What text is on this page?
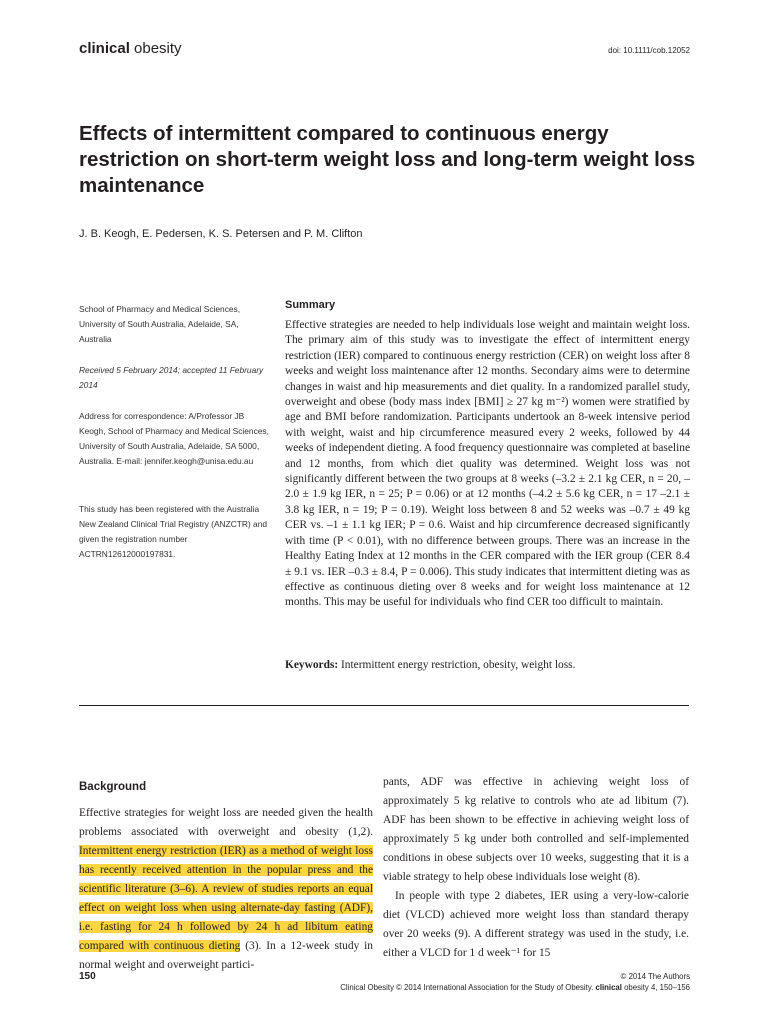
clinical obesity	doi: 10.1111/cob.12052
Effects of intermittent compared to continuous energy restriction on short-term weight loss and long-term weight loss maintenance
J. B. Keogh, E. Pedersen, K. S. Petersen and P. M. Clifton
School of Pharmacy and Medical Sciences, University of South Australia, Adelaide, SA, Australia
Received 5 February 2014; accepted 11 February 2014
Address for correspondence: A/Professor JB Keogh, School of Pharmacy and Medical Sciences, University of South Australia, Adelaide, SA 5000, Australia. E-mail: jennifer.keogh@unisa.edu.au
This study has been registered with the Australia New Zealand Clinical Trial Registry (ANZCTR) and given the registration number ACTRN12612000197831.
Summary

Effective strategies are needed to help individuals lose weight and maintain weight loss. The primary aim of this study was to investigate the effect of intermittent energy restriction (IER) compared to continuous energy restriction (CER) on weight loss after 8 weeks and weight loss maintenance after 12 months. Secondary aims were to determine changes in waist and hip measurements and diet quality. In a randomized parallel study, overweight and obese (body mass index [BMI] ≥ 27 kg m⁻²) women were stratified by age and BMI before randomization. Participants undertook an 8-week intensive period with weight, waist and hip circumference measured every 2 weeks, followed by 44 weeks of independent dieting. A food frequency questionnaire was completed at baseline and 12 months, from which diet quality was determined. Weight loss was not significantly different between the two groups at 8 weeks (–3.2 ± 2.1 kg CER, n = 20, –2.0 ± 1.9 kg IER, n = 25; P = 0.06) or at 12 months (–4.2 ± 5.6 kg CER, n = 17 –2.1 ± 3.8 kg IER, n = 19; P = 0.19). Weight loss between 8 and 52 weeks was –0.7 ± 49 kg CER vs. –1 ± 1.1 kg IER; P = 0.6. Waist and hip circumference decreased significantly with time (P < 0.01), with no difference between groups. There was an increase in the Healthy Eating Index at 12 months in the CER compared with the IER group (CER 8.4 ± 9.1 vs. IER –0.3 ± 8.4, P = 0.006). This study indicates that intermittent dieting was as effective as continuous dieting over 8 weeks and for weight loss maintenance at 12 months. This may be useful for individuals who find CER too difficult to maintain.

Keywords: Intermittent energy restriction, obesity, weight loss.
Background

Effective strategies for weight loss are needed given the health problems associated with overweight and obesity (1,2). Intermittent energy restriction (IER) as a method of weight loss has recently received attention in the popular press and the scientific literature (3–6). A review of studies reports an equal effect on weight loss when using alternate-day fasting (ADF), i.e. fasting for 24 h followed by 24 h ad libitum eating compared with continuous dieting (3). In a 12-week study in normal weight and overweight partici-

pants, ADF was effective in achieving weight loss of approximately 5 kg relative to controls who ate ad libitum (7). ADF has been shown to be effective in achieving weight loss of approximately 5 kg under both controlled and self-implemented conditions in obese subjects over 10 weeks, suggesting that it is a viable strategy to help obese individuals lose weight (8).

In people with type 2 diabetes, IER using a very-low-calorie diet (VLCD) achieved more weight loss than standard therapy over 20 weeks (9). A different strategy was used in the study, i.e. either a VLCD for 1 d week⁻¹ for 15

150	© 2014 The Authors
Clinical Obesity © 2014 International Association for the Study of Obesity. clinical obesity 4, 150–156
